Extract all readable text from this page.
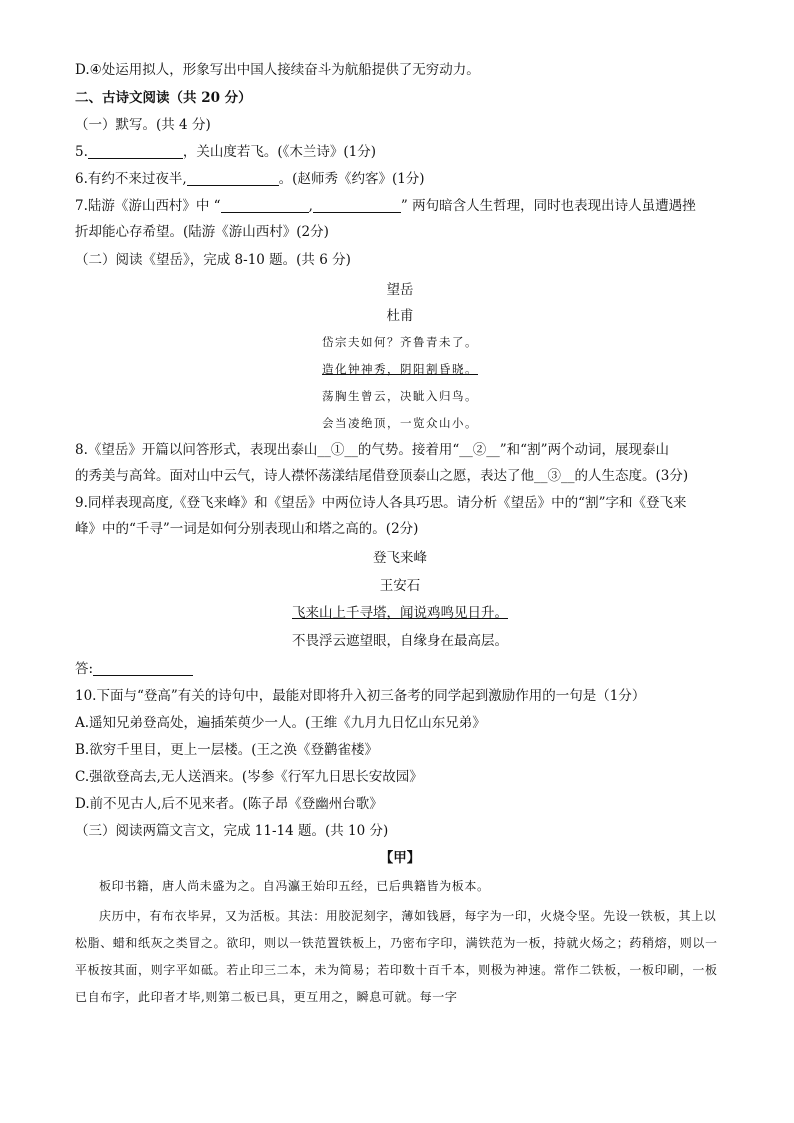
D.④处运用拟人，形象写出中国人接续奋斗为航船提供了无穷动力。
二、古诗文阅读（共 20 分）
（一）默写。(共 4 分)
5.	，关山度若飞。(《木兰诗》(1分)
6.有约不来过夜半,	。(赵师秀《约客》(1分)
7.陆游《游山西村》中 “	,	” 两句暗含人生哲理，同时也表现出诗人虽遭遇挫
折却能心存希望。(陆游《游山西村》(2分)
（二）阅读《望岳》，完成 8-10 题。(共 6 分)
望岳
杜甫
岱宗夫如何？齐鲁青未了。
造化钟神秀，阴阳割昏晓。
荡胸生曾云，决眦入归鸟。
会当凌绝顶，一览众山小。
8.《望岳》开篇以问答形式，表现出泰山__①__的气势。接着用“__②__”和“割”两个动词，展现泰山
的秀美与高耸。面对山中云气，诗人襟怀荡漾结尾借登顶泰山之愿，表达了他__③__的人生态度。(3分)
9.同样表现高度,《登飞来峰》和《望岳》中两位诗人各具巧思。请分析《望岳》中的“割”字和《登飞来
峰》中的“千寻”一词是如何分别表现山和塔之高的。(2分)
登飞来峰
王安石
飞来山上千寻塔，闻说鸡鸣见日升。
不畏浮云遮望眼，自缘身在最高层。
答:
10.下面与“登高”有关的诗句中，最能对即将升入初三备考的同学起到激励作用的一句是（1分）
A.遥知兄弟登高处，遍插茱萸少一人。(王维《九月九日忆山东兄弟》
B.欲穷千里目，更上一层楼。(王之涣《登鹳雀楼》
C.强欲登高去,无人送酒来。(岑参《行军九日思长安故园》
D.前不见古人,后不见来者。(陈子昂《登幽州台歌》
（三）阅读两篇文言文，完成 11-14 题。(共 10 分)
【甲】
板印书籍，唐人尚未盛为之。自冯瀛王始印五经，已后典籍皆为板本。
庆历中，有布衣毕昇，又为活板。其法：用胶泥刻字，薄如钱唇，每字为一印，火烧令坚。先设一铁板，其上以松脂、蜡和纸灰之类冒之。欲印，则以一铁范置铁板上，乃密布字印，满铁范为一板，持就火炀之；药稍熔，则以一平板按其面，则字平如砥。若止印三二本，未为简易；若印数十百千本，则极为神速。常作二铁板，一板印刷，一板已自布字，此印者才毕,则第二板已具，更互用之，瞬息可就。每一字
